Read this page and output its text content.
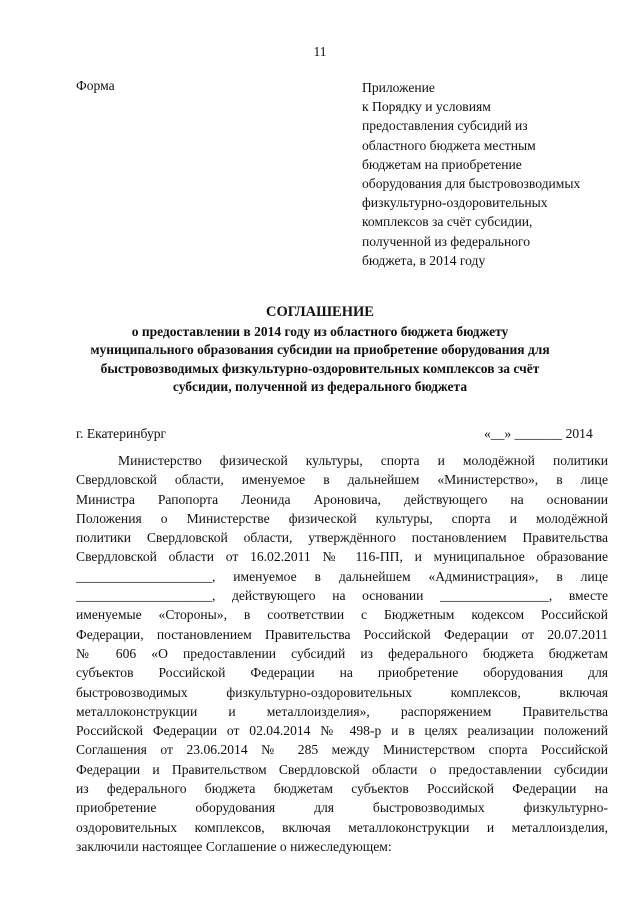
11
Форма	Приложение
к Порядку и условиям
предоставления субсидий из
областного бюджета местным
бюджетам на приобретение
оборудования для быстровозводимых
физкультурно-оздоровительных
комплексов за счёт субсидии,
полученной из федерального
бюджета, в 2014 году
СОГЛАШЕНИЕ
о предоставлении в 2014 году из областного бюджета бюджету
муниципального образования субсидии на приобретение оборудования для
быстровозводимых физкультурно-оздоровительных комплексов за счёт
субсидии, полученной из федерального бюджета
г. Екатеринбург	«__» _______ 2014
Министерство физической культуры, спорта и молодёжной политики
Свердловской области, именуемое в дальнейшем «Министерство», в лице
Министра Рапопорта Леонида Ароновича, действующего на основании
Положения о Министерстве физической культуры, спорта и молодёжной
политики Свердловской области, утверждённого постановлением Правительства
Свердловской области от 16.02.2011 № 116-ПП, и муниципальное образование
____________________, именуемое в дальнейшем «Администрация», в лице
____________________, действующего на основании ________________, вместе
именуемые «Стороны», в соответствии с Бюджетным кодексом Российской
Федерации, постановлением Правительства Российской Федерации от 20.07.2011
№ 606 «О предоставлении субсидий из федерального бюджета бюджетам
субъектов Российской Федерации на приобретение оборудования для
быстровозводимых физкультурно-оздоровительных комплексов, включая
металлоконструкции и металлоизделия», распоряжением Правительства
Российской Федерации от 02.04.2014 № 498-р и в целях реализации положений
Соглашения от 23.06.2014 № 285 между Министерством спорта Российской
Федерации и Правительством Свердловской области о предоставлении субсидии
из федерального бюджета бюджетам субъектов Российской Федерации на
приобретение оборудования для быстровозводимых физкультурно-
оздоровительных комплексов, включая металлоконструкции и металлоизделия,
заключили настоящее Соглашение о нижеследующем:
